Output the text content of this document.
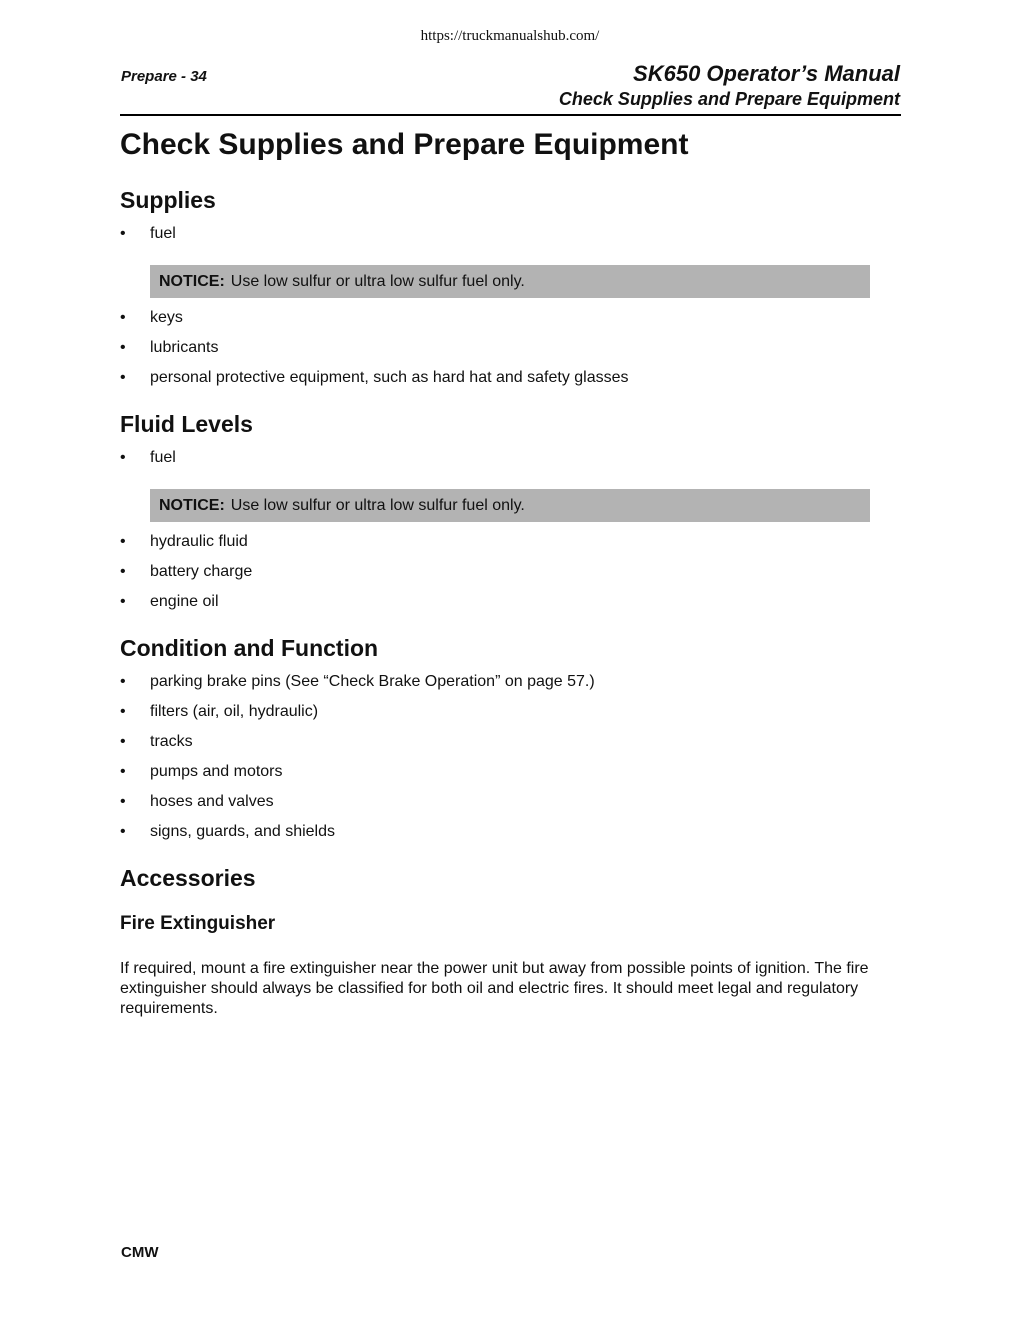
https://truckmanualshub.com/
Prepare - 34	SK650 Operator’s Manual
Check Supplies and Prepare Equipment
Check Supplies and Prepare Equipment
Supplies
• fuel
NOTICE: Use low sulfur or ultra low sulfur fuel only.
• keys
• lubricants
• personal protective equipment, such as hard hat and safety glasses
Fluid Levels
• fuel
NOTICE: Use low sulfur or ultra low sulfur fuel only.
• hydraulic fluid
• battery charge
• engine oil
Condition and Function
• parking brake pins (See “Check Brake Operation” on page 57.)
• filters (air, oil, hydraulic)
• tracks
• pumps and motors
• hoses and valves
• signs, guards, and shields
Accessories
Fire Extinguisher

If required, mount a fire extinguisher near the power unit but away from possible points of ignition. The fire extinguisher should always be classified for both oil and electric fires. It should meet legal and regulatory requirements.

CMW
